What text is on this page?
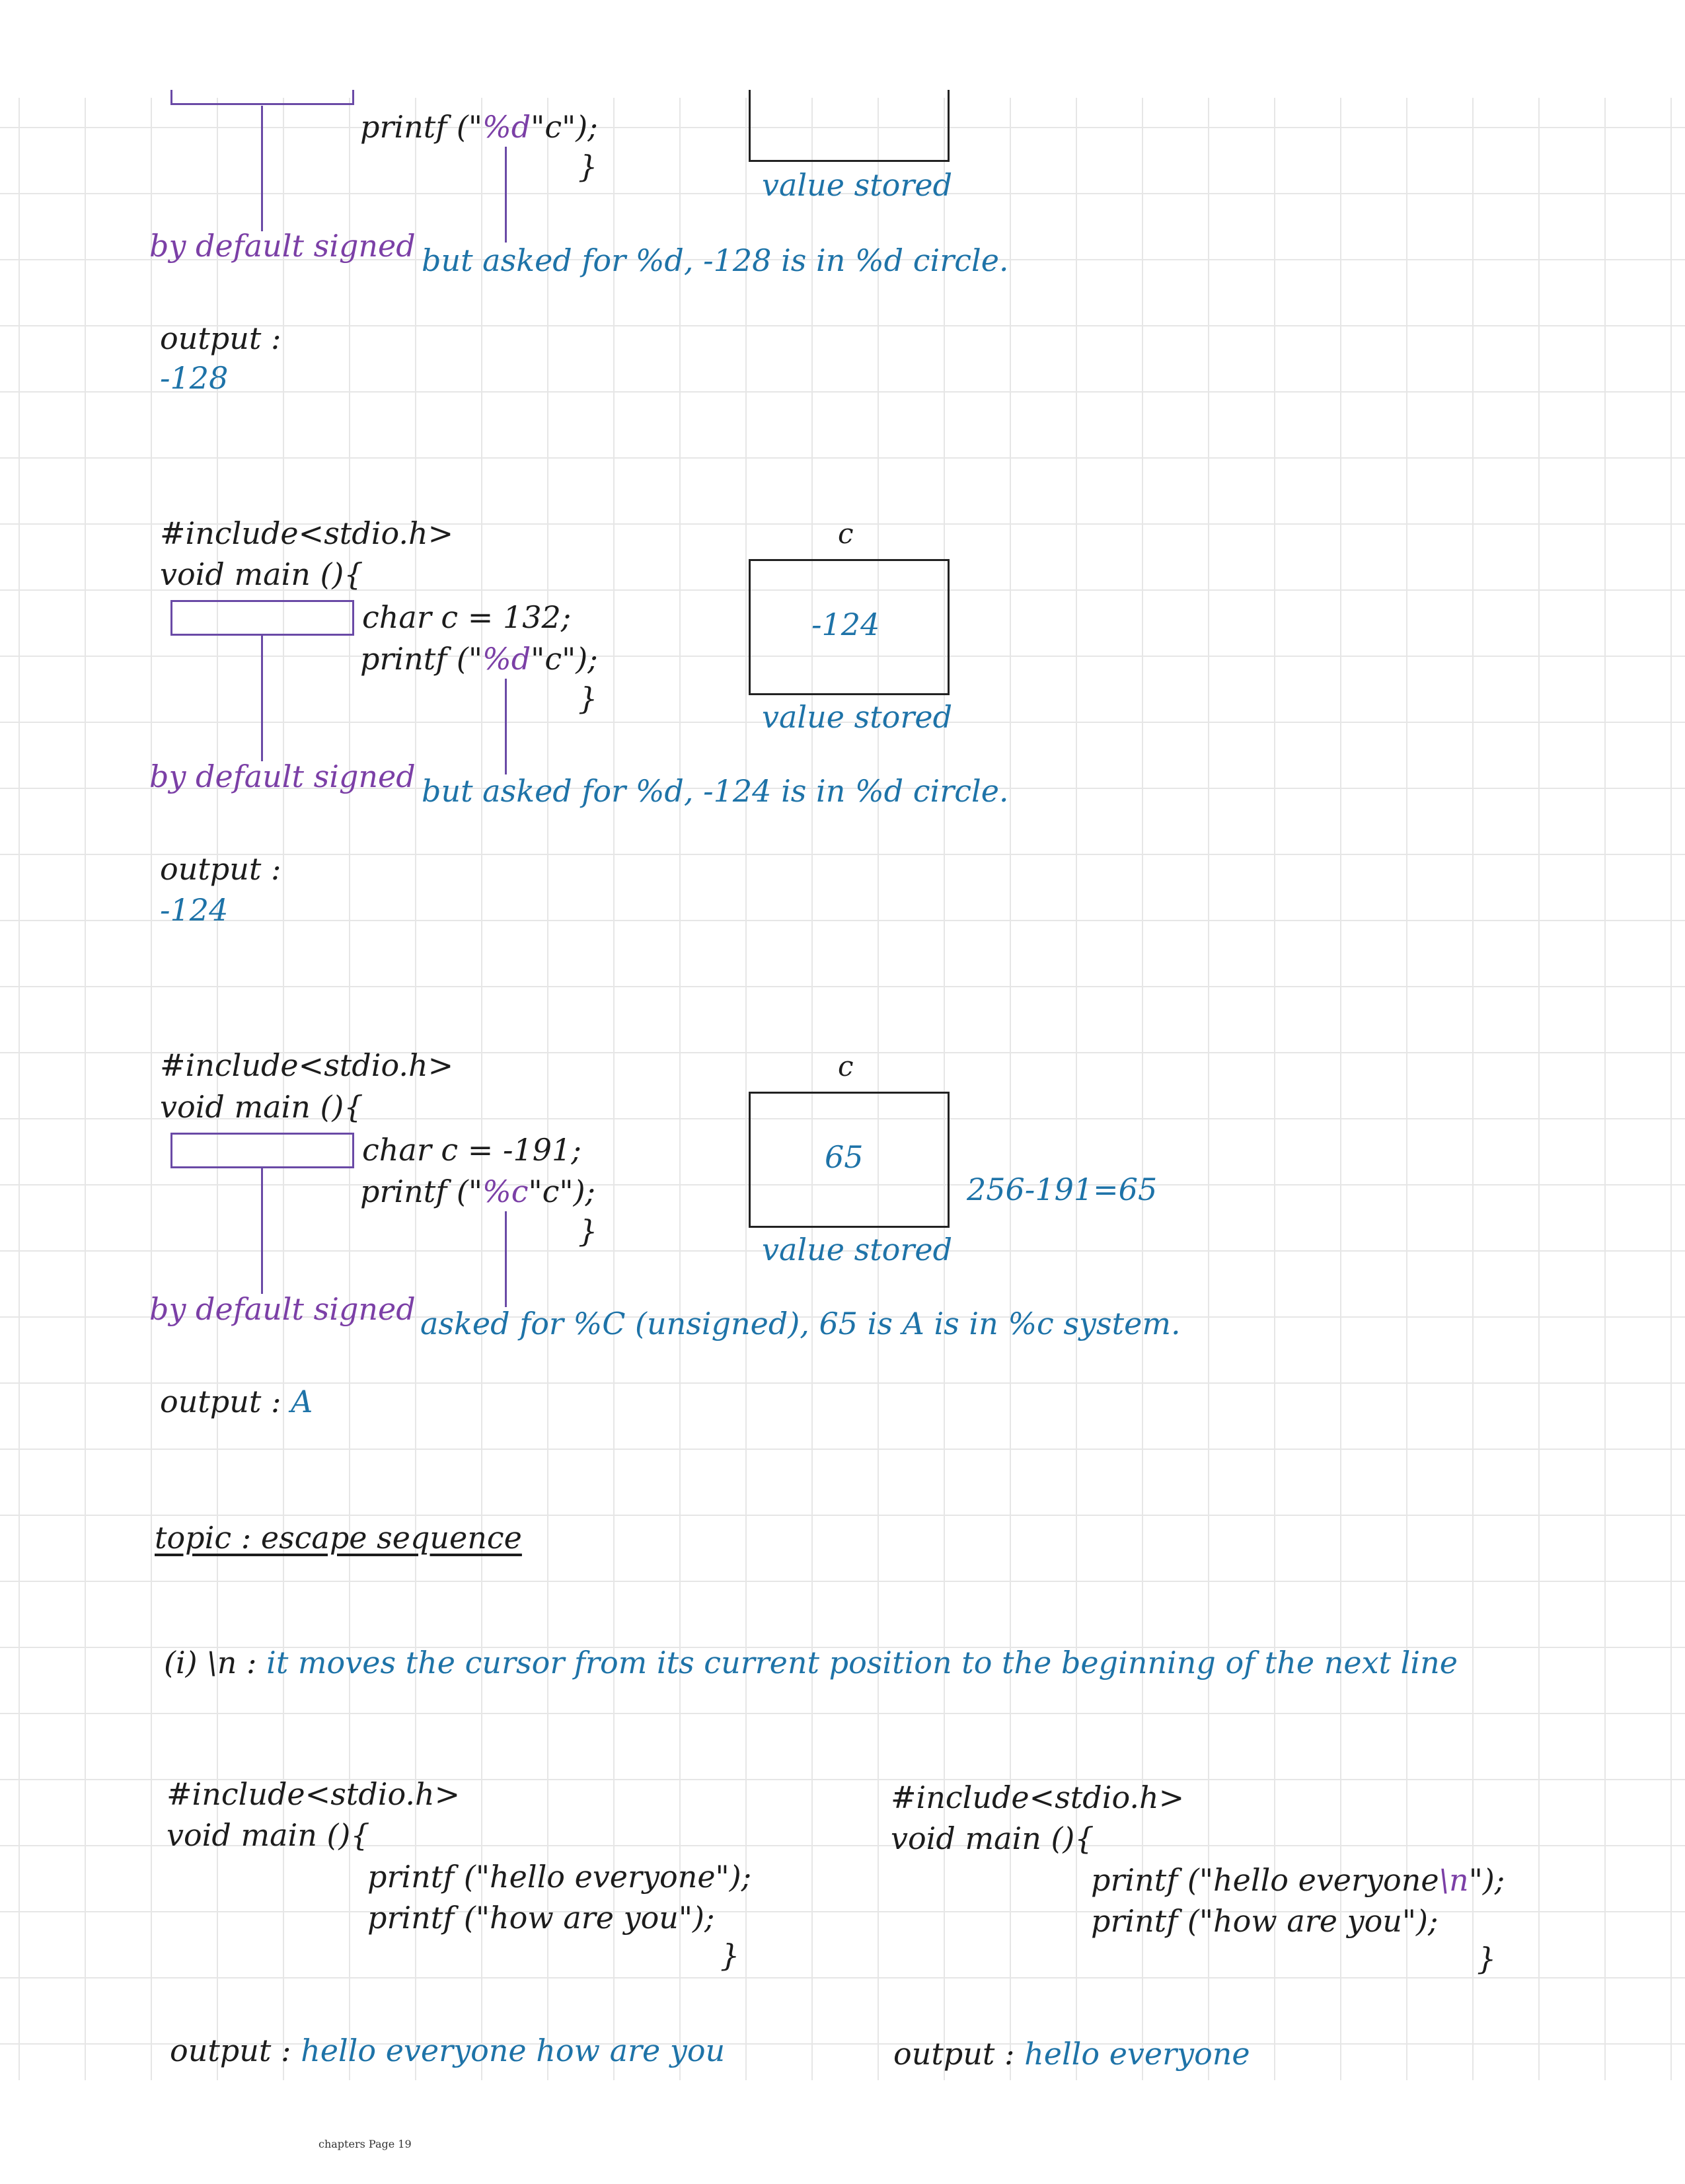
printf ("%d"c");
}
value stored
by default signed but asked for %d, -128 is in %d circle.
output :
-128
#include<stdio.h>
void main (){
char c = 132;
printf ("%d"c");
}
c
-124
value stored
by default signed but asked for %d, -124 is in %d circle.
output :
-124
#include<stdio.h>
void main (){
char c = -191;
printf ("%c"c");
}
c
65
256-191=65
value stored
by default signed asked for %C (unsigned), 65 is A is in %c system.
output : A
topic : escape sequence
(i) \n : it moves the cursor from its current position to the beginning of the next line
#include<stdio.h>
void main (){
printf ("hello everyone");
printf ("how are you");
}
output : hello everyone how are you
#include<stdio.h>
void main (){
printf ("hello everyone\n");
printf ("how are you");
}
output : hello everyone
chapters Page 19
